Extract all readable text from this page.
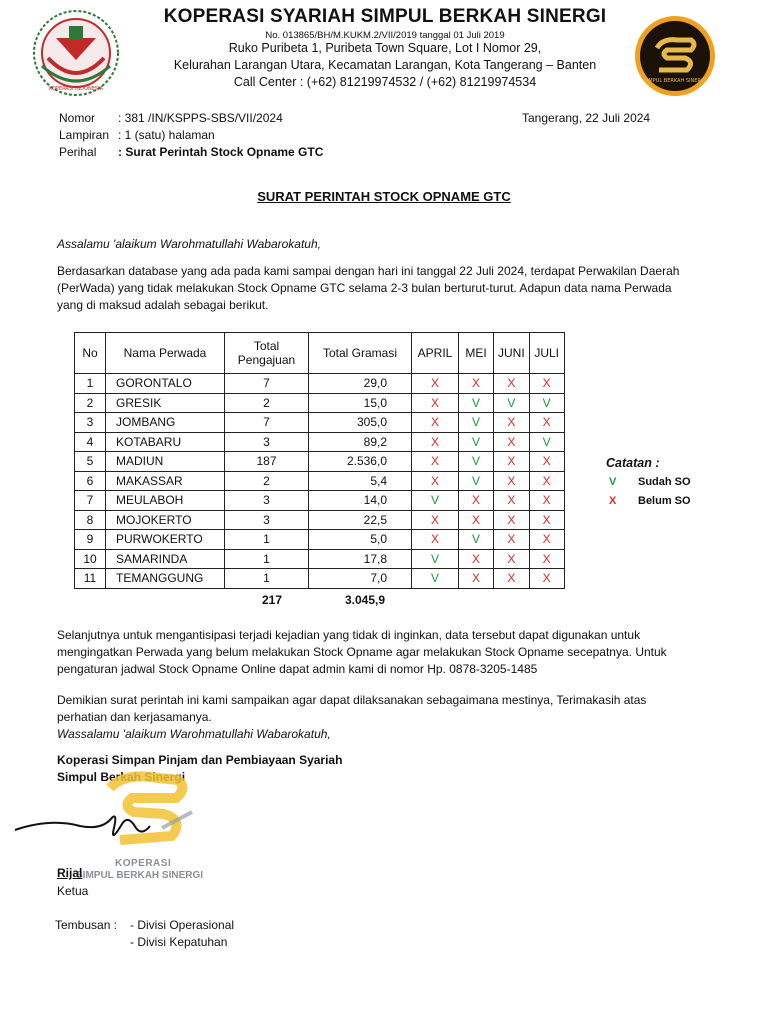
KOPERASI INDONESIA
KOPERASI SYARIAH SIMPUL BERKAH SINERGI
No. 013865/BH/M.KUKM.2/VII/2019 tanggal 01 Juli 2019
Ruko Puribeta 1, Puribeta Town Square, Lot I Nomor 29,
Kelurahan Larangan Utara, Kecamatan Larangan, Kota Tangerang – Banten
Call Center : (+62) 81219974532 / (+62) 81219974534	SIMPUL BERKAH SINERGI
Nomor : 381 /IN/KSPPS-SBS/VII/2024
Lampiran : 1 (satu) halaman
Perihal : Surat Perintah Stock Opname GTC
Tangerang, 22 Juli 2024
SURAT PERINTAH STOCK OPNAME GTC
Assalamu 'alaikum Warohmatullahi Wabarokatuh,
Berdasarkan database yang ada pada kami sampai dengan hari ini tanggal 22 Juli 2024, terdapat Perwakilan Daerah (PerWada) yang tidak melakukan Stock Opname GTC selama 2-3 bulan berturut-turut. Adapun data nama Perwada yang di maksud adalah sebagai berikut.
No	Nama Perwada	Total Pengajuan	Total Gramasi	APRIL	MEI	JUNI	JULI
1	GORONTALO	7	29,0	X	X	X	X
2	GRESIK	2	15,0	X	V	V	V
3	JOMBANG	7	305,0	X	V	X	X
4	KOTABARU	3	89,2	X	V	X	V
5	MADIUN	187	2.536,0	X	V	X	X
6	MAKASSAR	2	5,4	X	V	X	X
7	MEULABOH	3	14,0	V	X	X	X
8	MOJOKERTO	3	22,5	X	X	X	X
9	PURWOKERTO	1	5,0	X	V	X	X
10	SAMARINDA	1	17,8	V	X	X	X
11	TEMANGGUNG	1	7,0	V	X	X	X
217	3.045,9
Catatan :
V Sudah SO
X Belum SO
Selanjutnya untuk mengantisipasi terjadi kejadian yang tidak di inginkan, data tersebut dapat digunakan untuk mengingatkan Perwada yang belum melakukan Stock Opname agar melakukan Stock Opname secepatnya. Untuk pengaturan jadwal Stock Opname Online dapat admin kami di nomor Hp. 0878-3205-1485
Demikian surat perintah ini kami sampaikan agar dapat dilaksanakan sebagaimana mestinya, Terimakasih atas perhatian dan kerjasamanya.
Wassalamu 'alaikum Warohmatullahi Wabarokatuh,
Koperasi Simpan Pinjam dan Pembiayaan Syariah
Simpul Berkah Sinergi
KOPERASI
SIMPUL BERKAH SINERGI
Rijal
Ketua
Tembusan : - Divisi Operasional
- Divisi Kepatuhan
